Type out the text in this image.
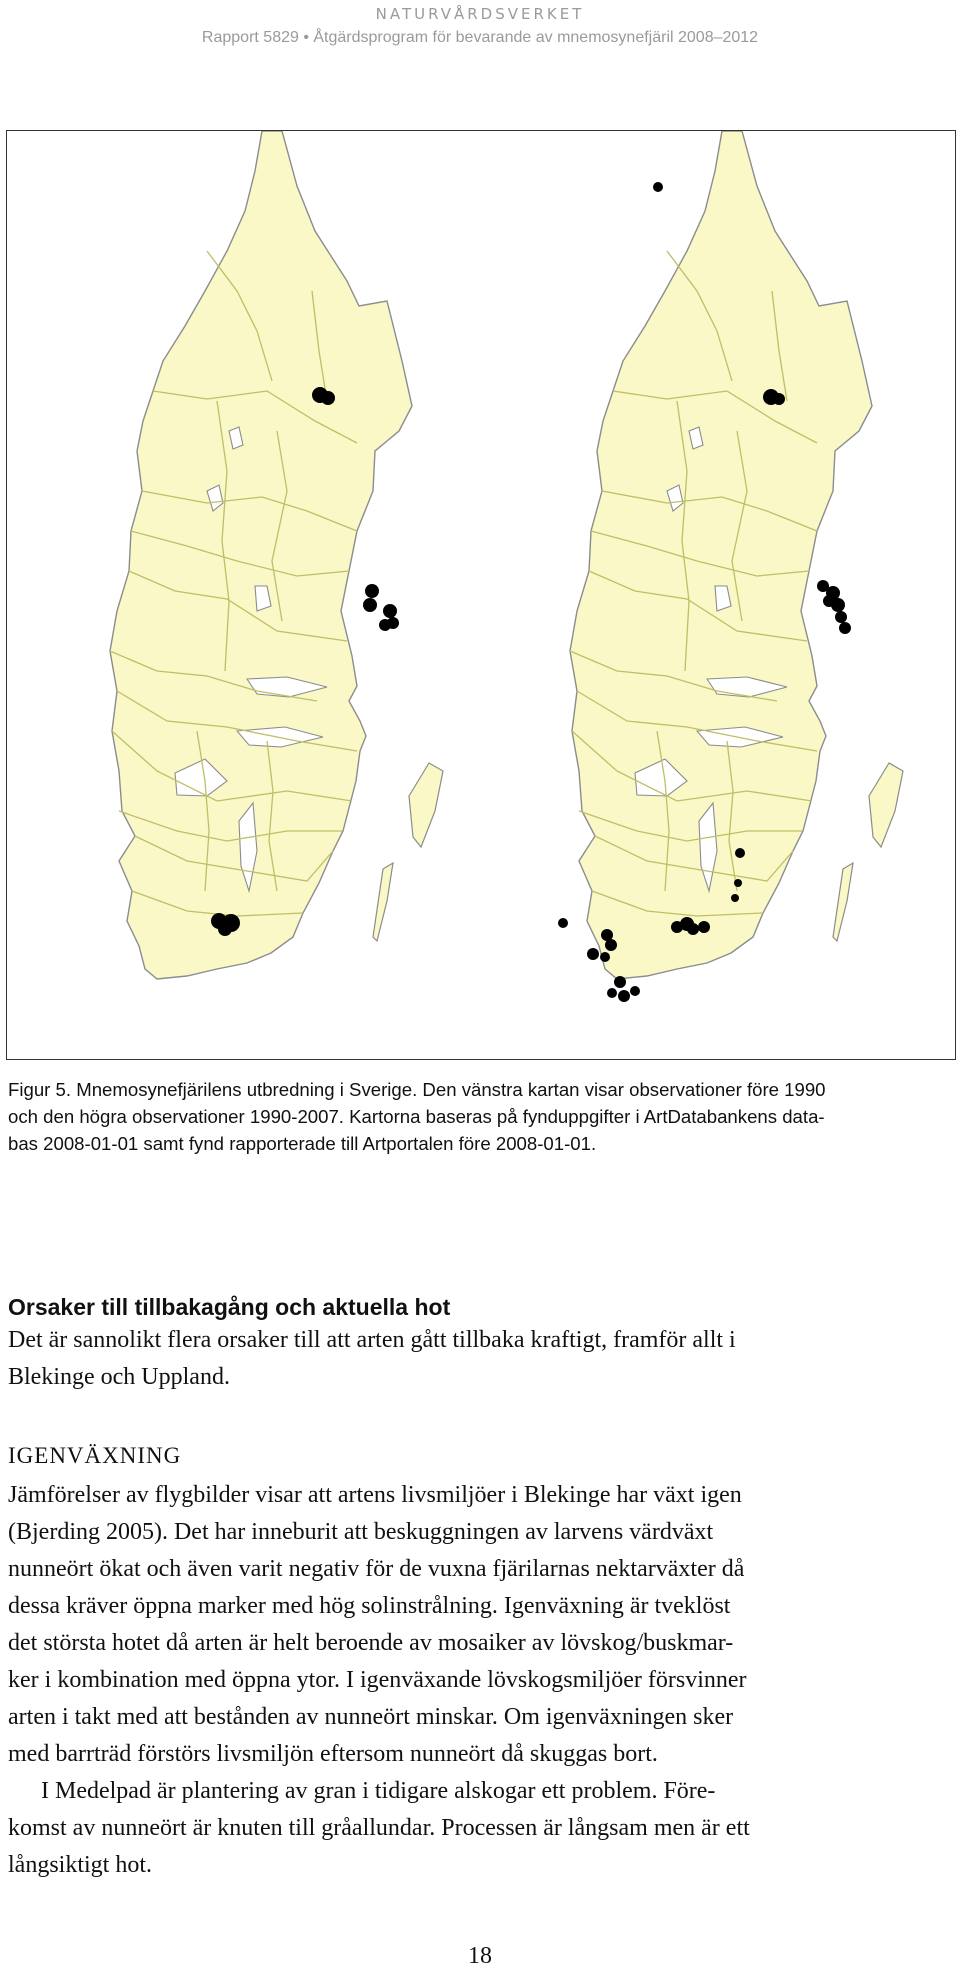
NATURVÅRDSVERKET
Rapport 5829 • Åtgärdsprogram för bevarande av mnemosynefjäril 2008–2012
Figur 5. Mnemosynefjärilens utbredning i Sverige. Den vänstra kartan visar observationer före 1990
och den högra observationer 1990-2007. Kartorna baseras på fynduppgifter i ArtDatabankens data-
bas 2008-01-01 samt fynd rapporterade till Artportalen före 2008-01-01.
Orsaker till tillbakagång och aktuella hot
Det är sannolikt flera orsaker till att arten gått tillbaka kraftigt, framför allt i
Blekinge och Uppland.
IGENVÄXNING
Jämförelser av flygbilder visar att artens livsmiljöer i Blekinge har växt igen
(Bjerding 2005). Det har inneburit att beskuggningen av larvens värdväxt
nunneört ökat och även varit negativ för de vuxna fjärilarnas nektarväxter då
dessa kräver öppna marker med hög solinstrålning. Igenväxning är tveklöst
det största hotet då arten är helt beroende av mosaiker av lövskog/buskmar-
ker i kombination med öppna ytor. I igenväxande lövskogsmiljöer försvinner
arten i takt med att bestånden av nunneört minskar. Om igenväxningen sker
med barrträd förstörs livsmiljön eftersom nunneört då skuggas bort.
I Medelpad är plantering av gran i tidigare alskogar ett problem. Före-
komst av nunneört är knuten till gråallundar. Processen är långsam men är ett
långsiktigt hot.
18
